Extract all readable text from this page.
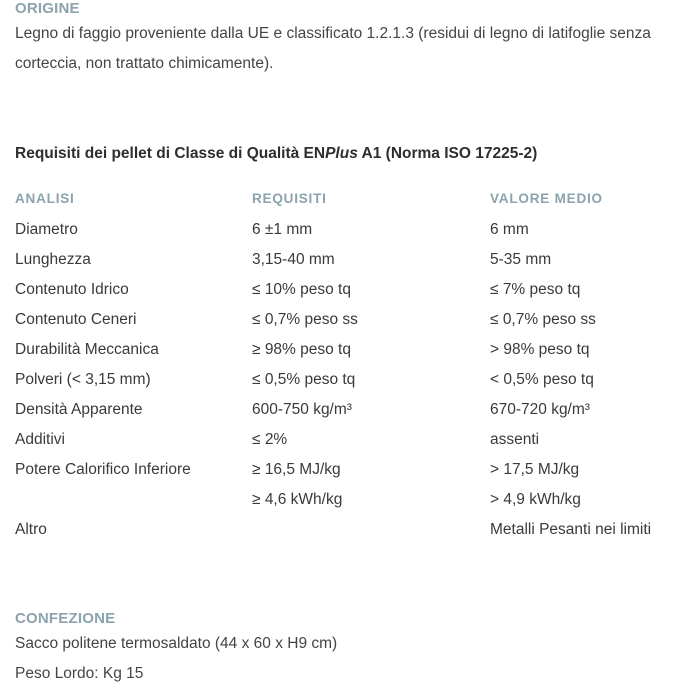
ORIGINE
Legno di faggio proveniente dalla UE e classificato 1.2.1.3 (residui di legno di latifoglie senza
corteccia, non trattato chimicamente).
Requisiti dei pellet di Classe di Qualità ENPlus A1 (Norma ISO 17225-2)
ANALISI	REQUISITI	VALORE MEDIO
Diametro	6 ±1 mm	6 mm
Lunghezza	3,15-40 mm	5-35 mm
Contenuto Idrico	≤ 10% peso tq	≤ 7% peso tq
Contenuto Ceneri	≤ 0,7% peso ss	≤ 0,7% peso ss
Durabilità Meccanica	≥ 98% peso tq	> 98% peso tq
Polveri (< 3,15 mm)	≤ 0,5% peso tq	< 0,5% peso tq
Densità Apparente	600-750 kg/m³	670-720 kg/m³
Additivi	≤ 2%	assenti
Potere Calorifico Inferiore	≥ 16,5 MJ/kg	> 17,5 MJ/kg
	≥ 4,6 kWh/kg	> 4,9 kWh/kg
Altro		Metalli Pesanti nei limiti
CONFEZIONE
Sacco politene termosaldato (44 x 60 x H9 cm)
Peso Lordo: Kg 15
